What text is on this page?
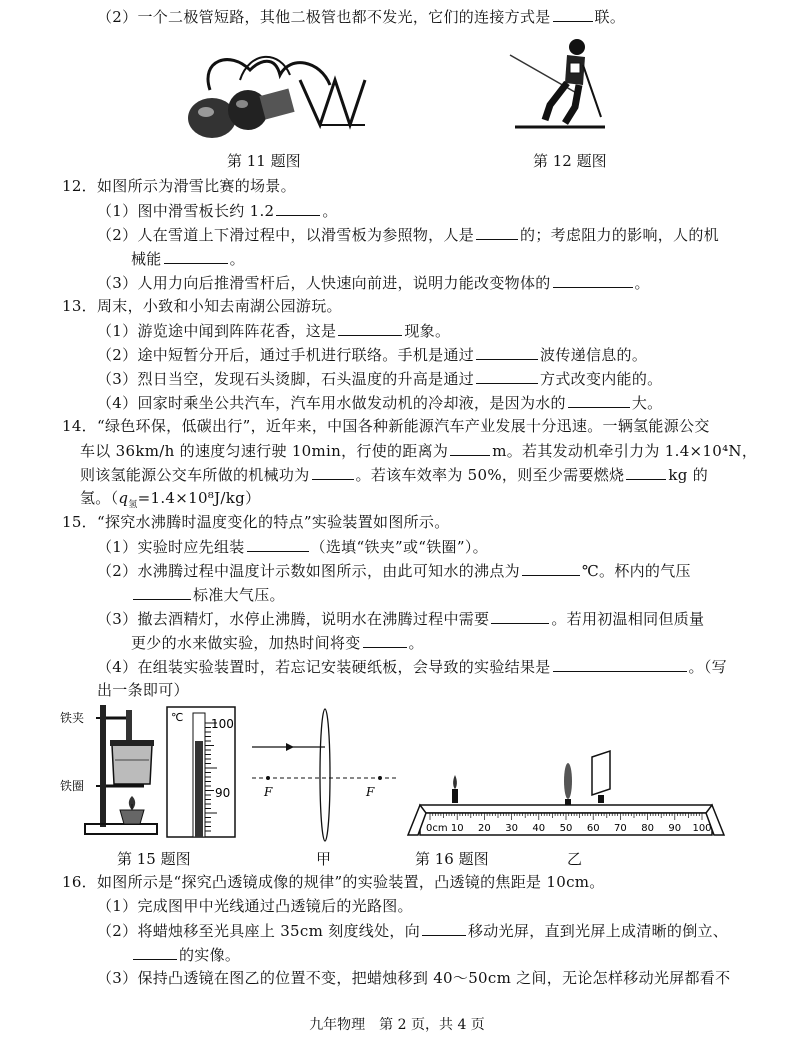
（2）一个二极管短路，其他二极管也都不发光，它们的连接方式是	联。
第 11 题图	第 12 题图
12．如图所示为滑雪比赛的场景。
（1）图中滑雪板长约 1.2	。
（2）人在雪道上下滑过程中，以滑雪板为参照物，人是	的；考虑阻力的影响，人的机
械能	。
（3）人用力向后推滑雪杆后，人快速向前进，说明力能改变物体的	。
13．周末，小致和小知去南湖公园游玩。
（1）游览途中闻到阵阵花香，这是	现象。
（2）途中短暂分开后，通过手机进行联络。手机是通过	波传递信息的。
（3）烈日当空，发现石头烫脚，石头温度的升高是通过	方式改变内能的。
（4）回家时乘坐公共汽车，汽车用水做发动机的冷却液，是因为水的	大。
14．“绿色环保，低碳出行”，近年来，中国各种新能源汽车产业发展十分迅速。一辆氢能源公交
车以 36km/h 的速度匀速行驶 10min，行使的距离为	m。若其发动机牵引力为 1.4×10⁴N，
则该氢能源公交车所做的机械功为	。若该车效率为 50%，则至少需要燃烧	kg 的
氢。$(q_氢=1.4\times 10^8J/kg)$
15．“探究水沸腾时温度变化的特点”实验装置如图所示。
（1）实验时应先组装	（选填“铁夹”或“铁圈”）。
（2）水沸腾过程中温度计示数如图所示，由此可知水的沸点为	℃。杯内的气压
标准大气压。
（3）撤去酒精灯，水停止沸腾，说明水在沸腾过程中需要	。若用初温相同但质量
更少的水来做实验，加热时间将变	。
（4）在组装实验装置时，若忘记安装硬纸板，会导致的实验结果是	。（写
出一条即可）
铁夹
铁圈
℃ 100
90	F	F
0cm 10 20 30 40 50 60 70 80 90 100
第 15 题图	甲	第 16 题图	乙
16．如图所示是“探究凸透镜成像的规律”的实验装置，凸透镜的焦距是 10cm。
（1）完成图甲中光线通过凸透镜后的光路图。
（2）将蜡烛移至光具座上 35cm 刻度线处，向	移动光屏，直到光屏上成清晰的倒立、
的实像。
（3）保持凸透镜在图乙的位置不变，把蜡烛移到 40～50cm 之间，无论怎样移动光屏都看不
九年物理　第 2 页，共 4 页
